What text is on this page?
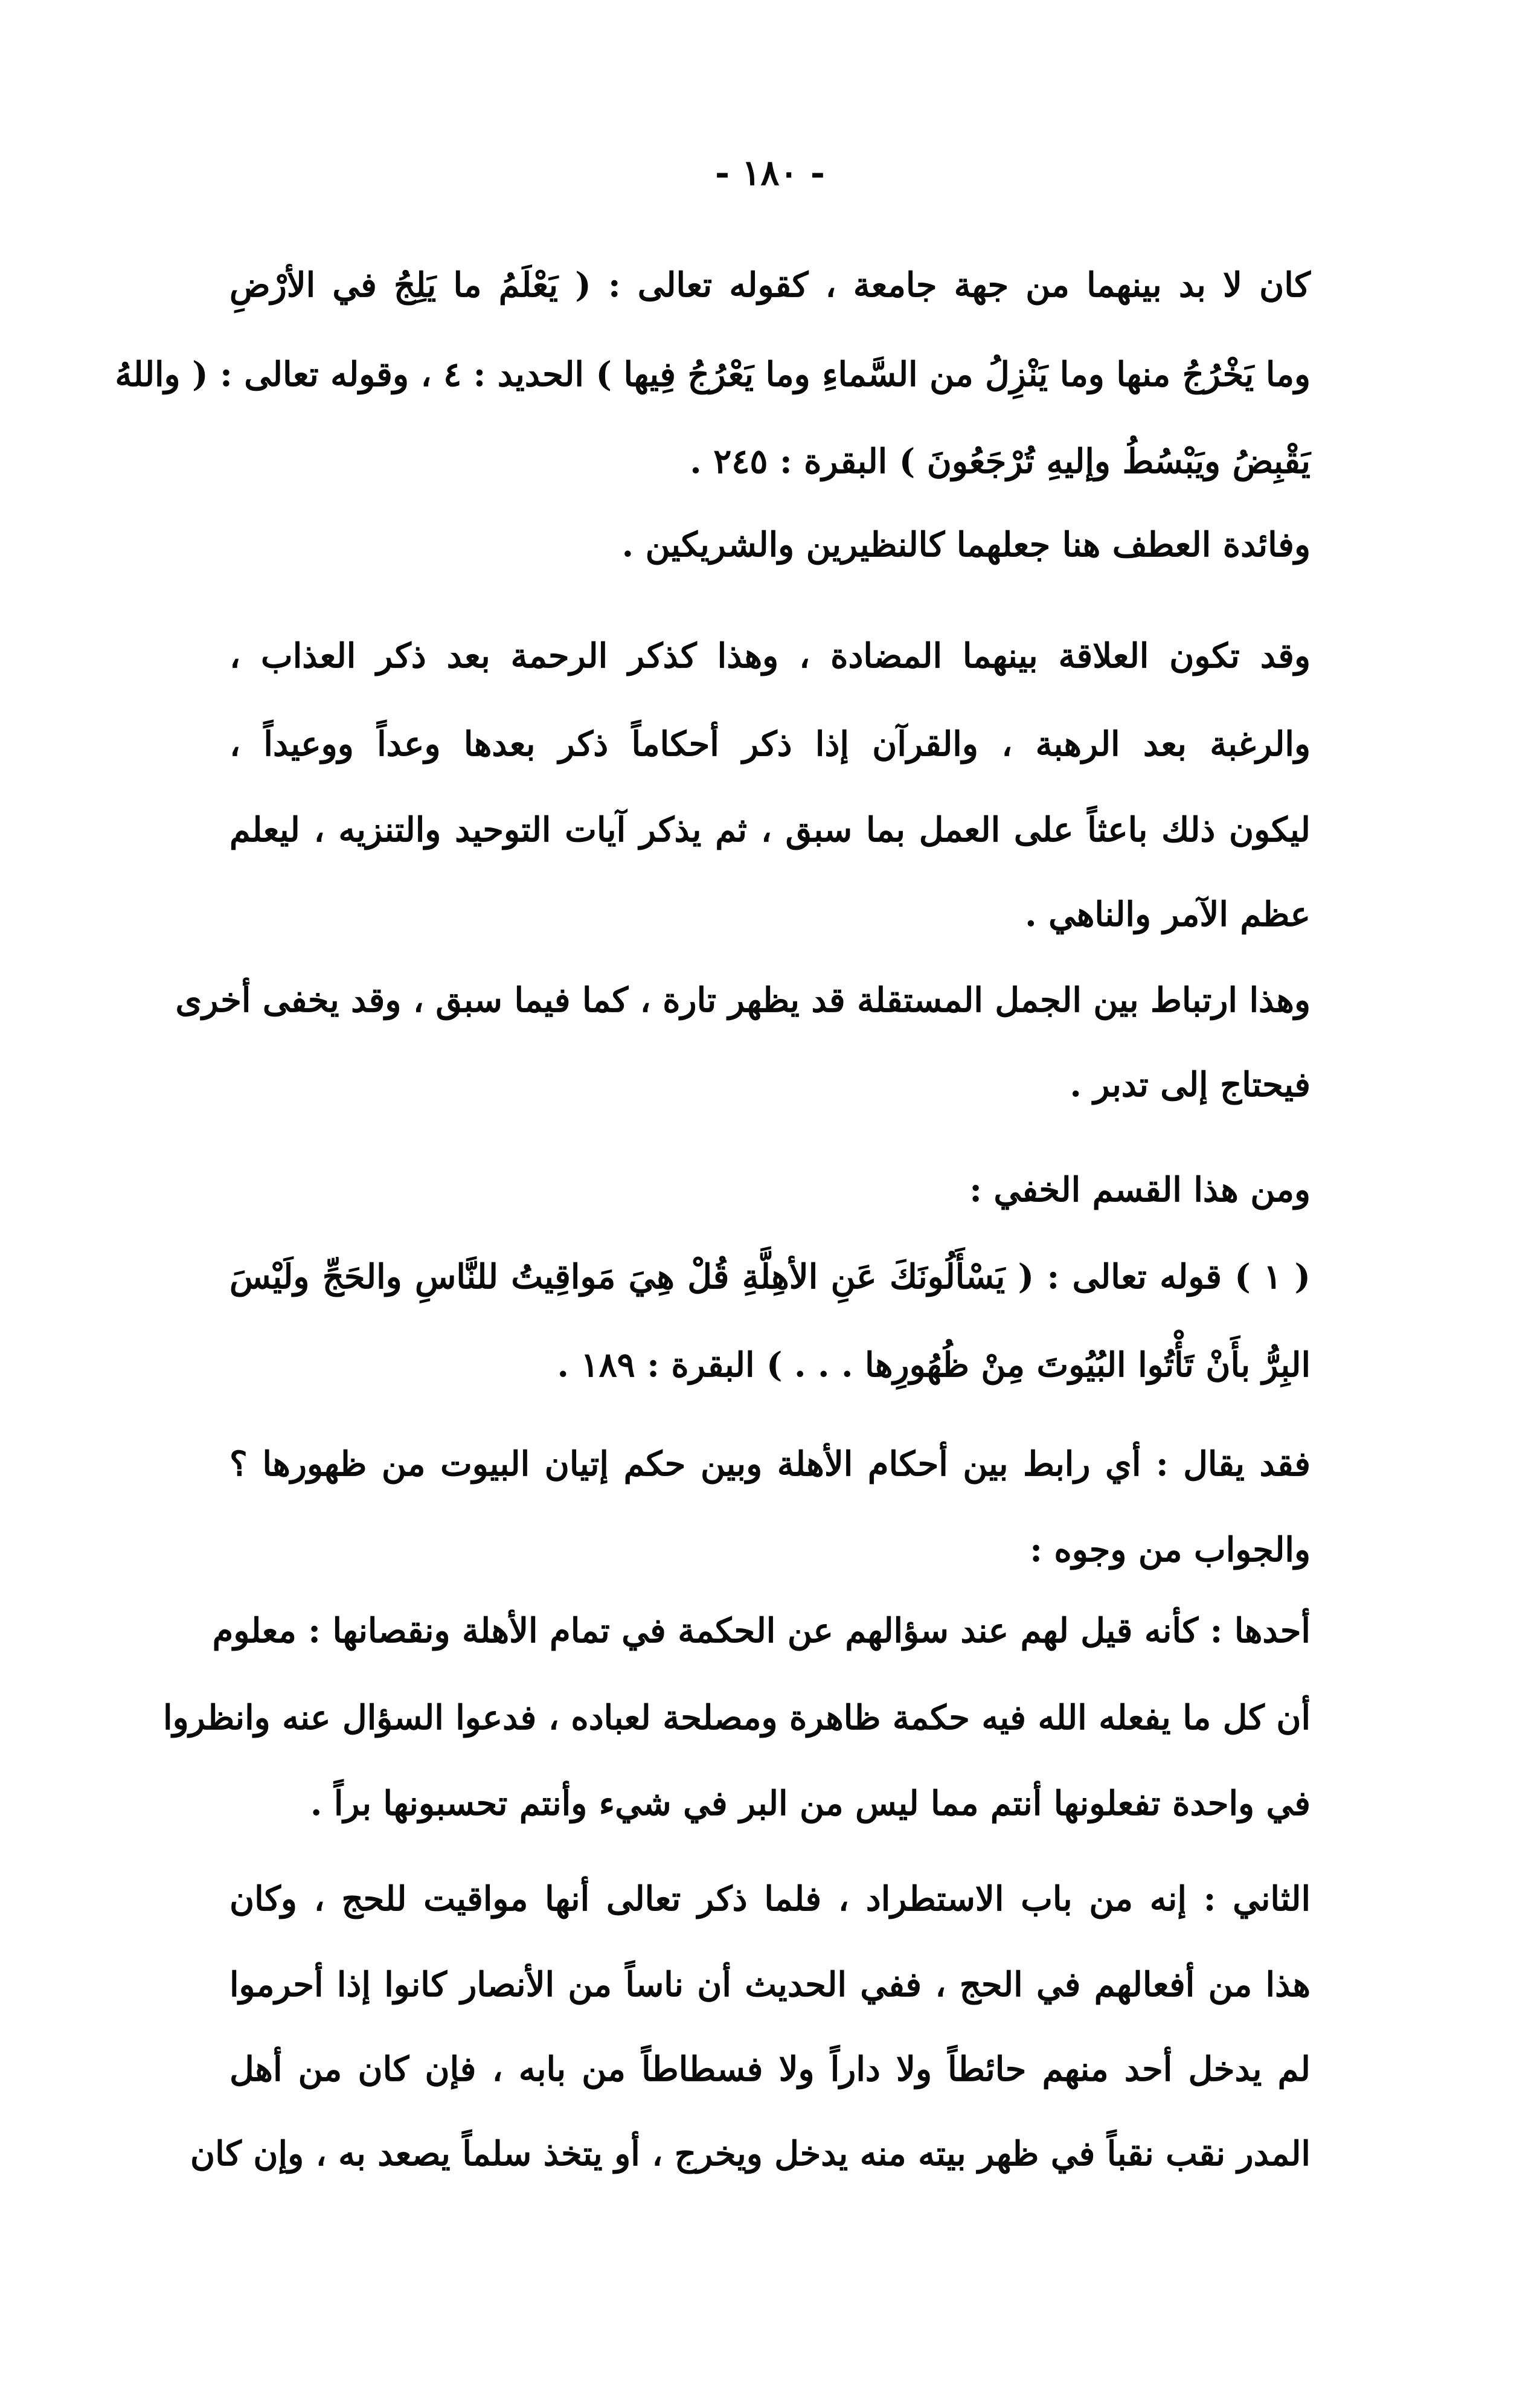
- ١٨٠ -
كان لا بد بينهما من جهة جامعة ، كقوله تعالى : ( يَعْلَمُ ما يَلِجُ في الأرْضِ
وما يَخْرُجُ منها وما يَنْزِلُ من السَّماءِ وما يَعْرُجُ فِيها ) الحديد : ٤ ، وقوله تعالى : ( واللهُ
يَقْبِضُ ويَبْسُطُ وإليهِ تُرْجَعُونَ ) البقرة : ٢٤٥ .
وفائدة العطف هنا جعلهما كالنظيرين والشريكين .
وقد تكون العلاقة بينهما المضادة ، وهذا كذكر الرحمة بعد ذكر العذاب ،
والرغبة بعد الرهبة ، والقرآن إذا ذكر أحكاماً ذكر بعدها وعداً ووعيداً ،
ليكون ذلك باعثاً على العمل بما سبق ، ثم يذكر آيات التوحيد والتنزيه ، ليعلم
عظم الآمر والناهي .
وهذا ارتباط بين الجمل المستقلة قد يظهر تارة ، كما فيما سبق ، وقد يخفى أخرى
فيحتاج إلى تدبر .
ومن هذا القسم الخفي :
( ١ ) قوله تعالى : ( يَسْأَلُونَكَ عَنِ الأهِلَّةِ قُلْ هِيَ مَواقِيتُ للنَّاسِ والحَجِّ ولَيْسَ
البِرُّ بأَنْ تَأْتُوا البُيُوتَ مِنْ ظُهُورِها . . . ) البقرة : ١٨٩ .
فقد يقال : أي رابط بين أحكام الأهلة وبين حكم إتيان البيوت من ظهورها ؟
والجواب من وجوه :
أحدها : كأنه قيل لهم عند سؤالهم عن الحكمة في تمام الأهلة ونقصانها : معلوم
أن كل ما يفعله الله فيه حكمة ظاهرة ومصلحة لعباده ، فدعوا السؤال عنه وانظروا
في واحدة تفعلونها أنتم مما ليس من البر في شيء وأنتم تحسبونها براً .
الثاني : إنه من باب الاستطراد ، فلما ذكر تعالى أنها مواقيت للحج ، وكان
هذا من أفعالهم في الحج ، ففي الحديث أن ناساً من الأنصار كانوا إذا أحرموا
لم يدخل أحد منهم حائطاً ولا داراً ولا فسطاطاً من بابه ، فإن كان من أهل
المدر نقب نقباً في ظهر بيته منه يدخل ويخرج ، أو يتخذ سلماً يصعد به ، وإن كان
